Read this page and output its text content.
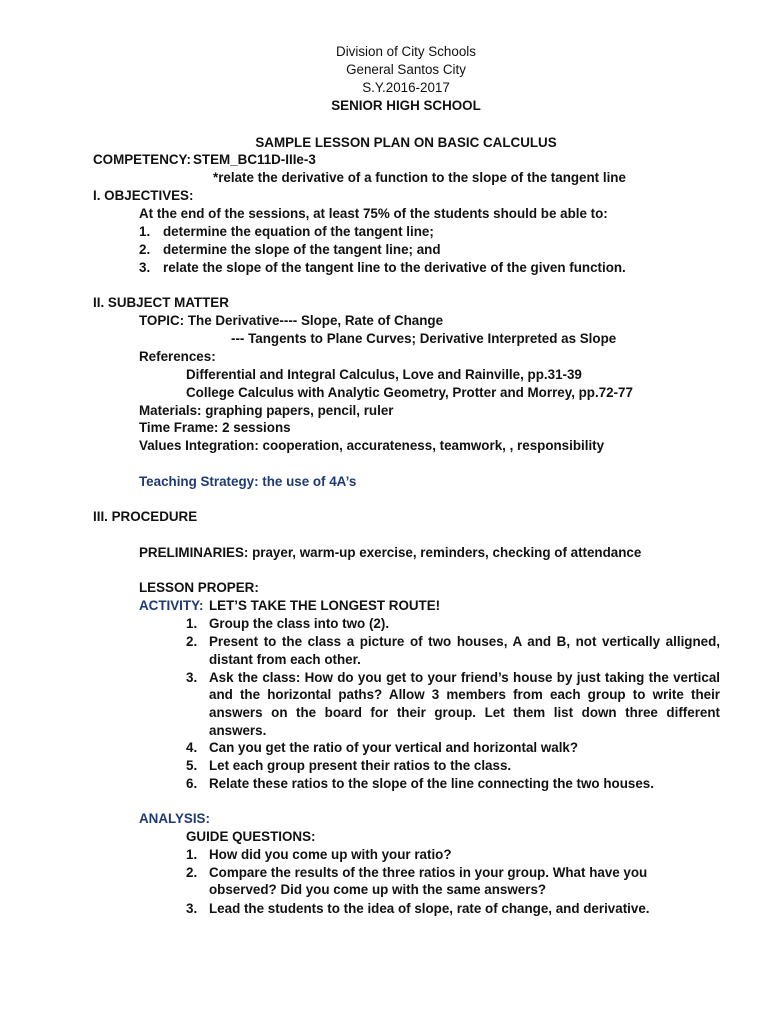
Division of City Schools
General Santos City
S.Y.2016-2017
SENIOR HIGH SCHOOL
SAMPLE LESSON PLAN ON BASIC CALCULUS
COMPETENCY: STEM_BC11D-IIIe-3
*relate the derivative of a function to the slope of the tangent line
I. OBJECTIVES:
At the end of the sessions, at least 75% of the students should be able to:
1. determine the equation of the tangent line;
2. determine the slope of the tangent line; and
3. relate the slope of the tangent line to the derivative of the given function.
II. SUBJECT MATTER
TOPIC: The Derivative---- Slope, Rate of Change
--- Tangents to Plane Curves; Derivative Interpreted as Slope
References:
Differential and Integral Calculus, Love and Rainville, pp.31-39
College Calculus with Analytic Geometry, Protter and Morrey, pp.72-77
Materials: graphing papers, pencil, ruler
Time Frame: 2 sessions
Values Integration: cooperation, accurateness, teamwork, , responsibility
Teaching Strategy: the use of 4A’s
III. PROCEDURE
PRELIMINARIES: prayer, warm-up exercise, reminders, checking of attendance
LESSON PROPER:
ACTIVITY: LET’S TAKE THE LONGEST ROUTE!
1. Group the class into two (2).
2. Present to the class a picture of two houses, A and B, not vertically alligned,
distant from each other.
3. Ask the class: How do you get to your friend’s house by just taking the vertical
and the horizontal paths? Allow 3 members from each group to write their
answers on the board for their group. Let them list down three different
answers.
4. Can you get the ratio of your vertical and horizontal walk?
5. Let each group present their ratios to the class.
6. Relate these ratios to the slope of the line connecting the two houses.
ANALYSIS:
GUIDE QUESTIONS:
1. How did you come up with your ratio?
2. Compare the results of the three ratios in your group. What have you
observed? Did you come up with the same answers?
3. Lead the students to the idea of slope, rate of change, and derivative.
